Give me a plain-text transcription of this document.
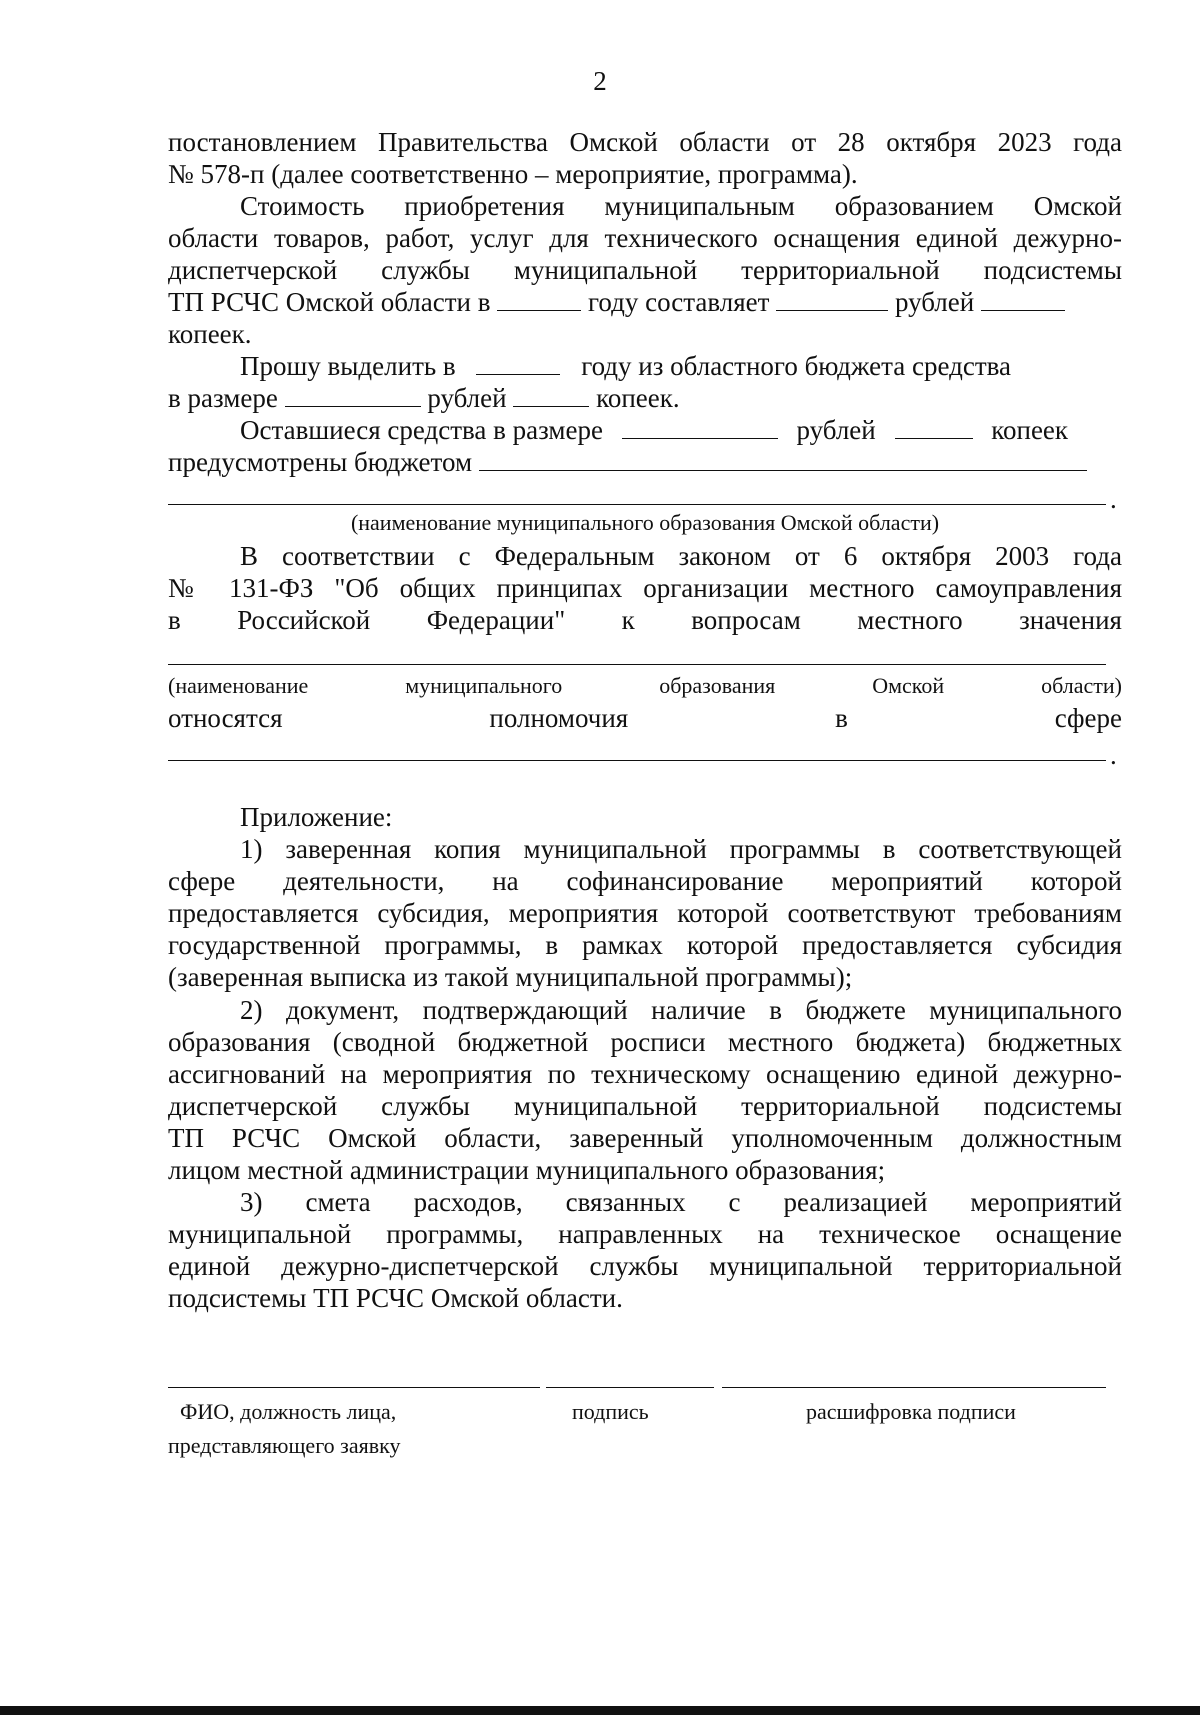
2
постановлением Правительства Омской области от 28 октября 2023 года
№ 578-п (далее соответственно – мероприятие, программа).
Стоимость приобретения муниципальным образованием Омской
области товаров, работ, услуг для технического оснащения единой дежурно-
диспетчерской службы муниципальной территориальной подсистемы
ТП РСЧС Омской области в	году составляет	рублей
копеек.
Прошу выделить в	году из областного бюджета средства
в размере	рублей	копеек.
Оставшиеся средства в размере	рублей	копеек
предусмотрены бюджетом
.
(наименование муниципального образования Омской области)
В соответствии с Федеральным законом от 6 октября 2003 года
№ 131-ФЗ "Об общих принципах организации местного самоуправления
в Российской Федерации" к вопросам местного значения
(наименование	муниципального	образования	Омской	области)
относятся	полномочия	в	сфере
.
Приложение:
1) заверенная копия муниципальной программы в соответствующей
сфере деятельности, на софинансирование мероприятий которой
предоставляется субсидия, мероприятия которой соответствуют требованиям
государственной программы, в рамках которой предоставляется субсидия
(заверенная выписка из такой муниципальной программы);
2) документ, подтверждающий наличие в бюджете муниципального
образования (сводной бюджетной росписи местного бюджета) бюджетных
ассигнований на мероприятия по техническому оснащению единой дежурно-
диспетчерской службы муниципальной территориальной подсистемы
ТП РСЧС Омской области, заверенный уполномоченным должностным
лицом местной администрации муниципального образования;
3) смета расходов, связанных с реализацией мероприятий
муниципальной программы, направленных на техническое оснащение
единой дежурно-диспетчерской службы муниципальной территориальной
подсистемы ТП РСЧС Омской области.
ФИО, должность лица,
представляющего заявку
подпись	расшифровка подписи
